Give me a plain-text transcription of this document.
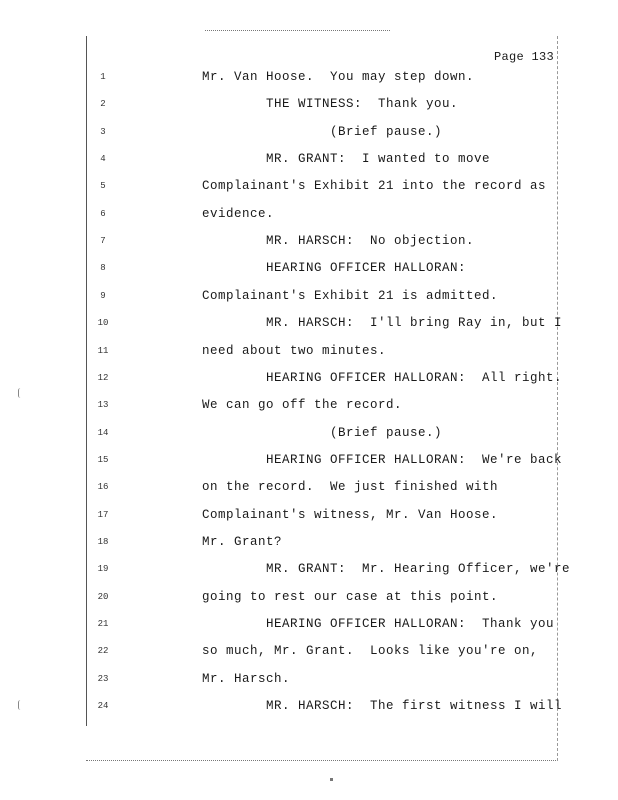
Page 133
1	Mr. Van Hoose.  You may step down.
2	THE WITNESS:  Thank you.
3	(Brief pause.)
4	MR. GRANT:  I wanted to move
5	Complainant's Exhibit 21 into the record as
6	evidence.
7	MR. HARSCH:  No objection.
8	HEARING OFFICER HALLORAN:
9	Complainant's Exhibit 21 is admitted.
10	MR. HARSCH:  I'll bring Ray in, but I
11	need about two minutes.
12	HEARING OFFICER HALLORAN:  All right.
13	We can go off the record.
14	(Brief pause.)
15	HEARING OFFICER HALLORAN:  We're back
16	on the record.  We just finished with
17	Complainant's witness, Mr. Van Hoose.
18	Mr. Grant?
19	MR. GRANT:  Mr. Hearing Officer, we're
20	going to rest our case at this point.
21	HEARING OFFICER HALLORAN:  Thank you
22	so much, Mr. Grant.  Looks like you're on,
23	Mr. Harsch.
24	MR. HARSCH:  The first witness I will
